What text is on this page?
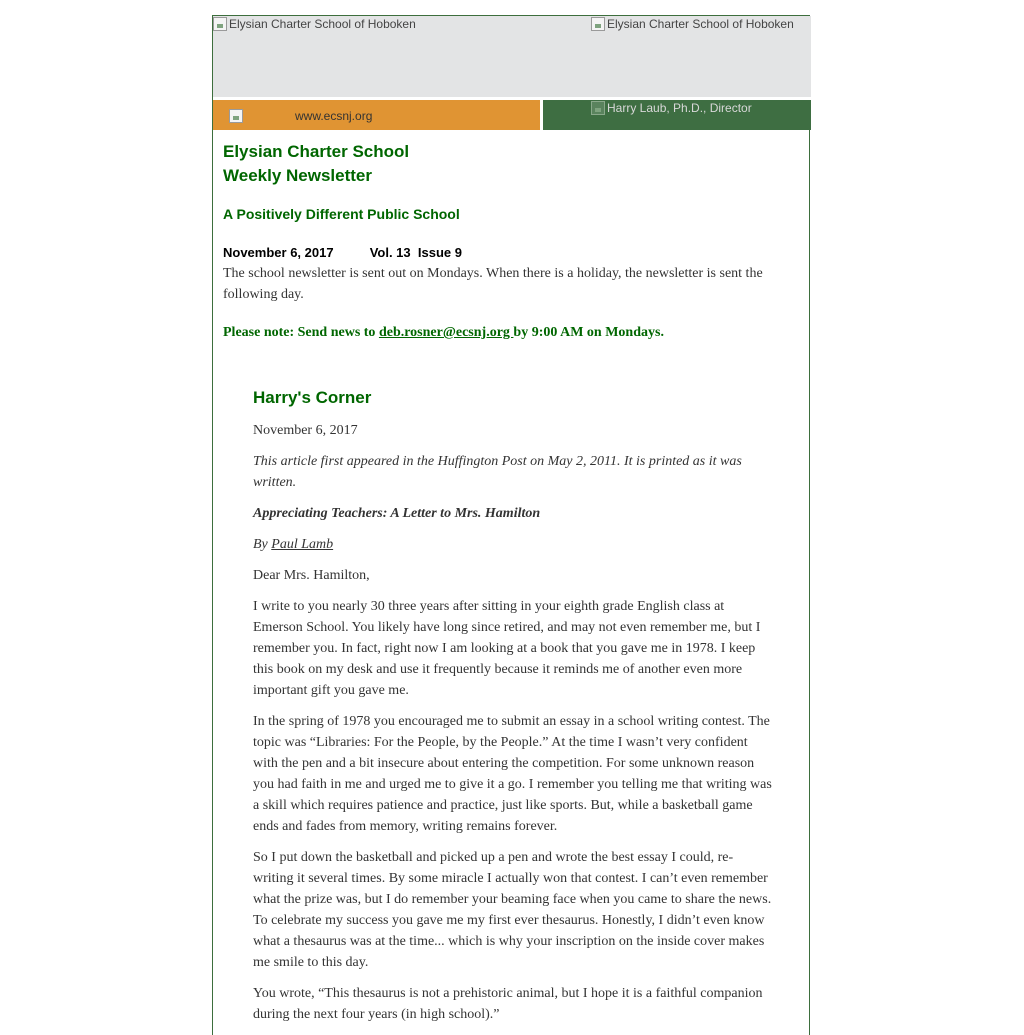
Elysian Charter School of Hoboken	Elysian Charter School of Hoboken
www.ecsnj.org
Harry Laub, Ph.D., Director
Elysian Charter School
Weekly Newsletter
A Positively Different Public School
November 6, 2017	Vol. 13  Issue 9
The school newsletter is sent out on Mondays. When there is a holiday, the newsletter is sent the following day.
Please note: Send news to deb.rosner@ecsnj.org by 9:00 AM on Mondays.
Harry's Corner

November 6, 2017

This article first appeared in the Huffington Post on May 2, 2011. It is printed as it was written.

Appreciating Teachers: A Letter to Mrs. Hamilton

By Paul Lamb

Dear Mrs. Hamilton,

I write to you nearly 30 three years after sitting in your eighth grade English class at Emerson School. You likely have long since retired, and may not even remember me, but I remember you. In fact, right now I am looking at a book that you gave me in 1978. I keep this book on my desk and use it frequently because it reminds me of another even more important gift you gave me.

In the spring of 1978 you encouraged me to submit an essay in a school writing contest. The topic was “Libraries: For the People, by the People.” At the time I wasn’t very confident with the pen and a bit insecure about entering the competition. For some unknown reason you had faith in me and urged me to give it a go. I remember you telling me that writing was a skill which requires patience and practice, just like sports. But, while a basketball game ends and fades from memory, writing remains forever.

So I put down the basketball and picked up a pen and wrote the best essay I could, re-writing it several times. By some miracle I actually won that contest. I can’t even remember what the prize was, but I do remember your beaming face when you came to share the news. To celebrate my success you gave me my first ever thesaurus. Honestly, I didn’t even know what a thesaurus was at the time... which is why your inscription on the inside cover makes me smile to this day.

You wrote, “This thesaurus is not a prehistoric animal, but I hope it is a faithful companion during the next four years (in high school).”
